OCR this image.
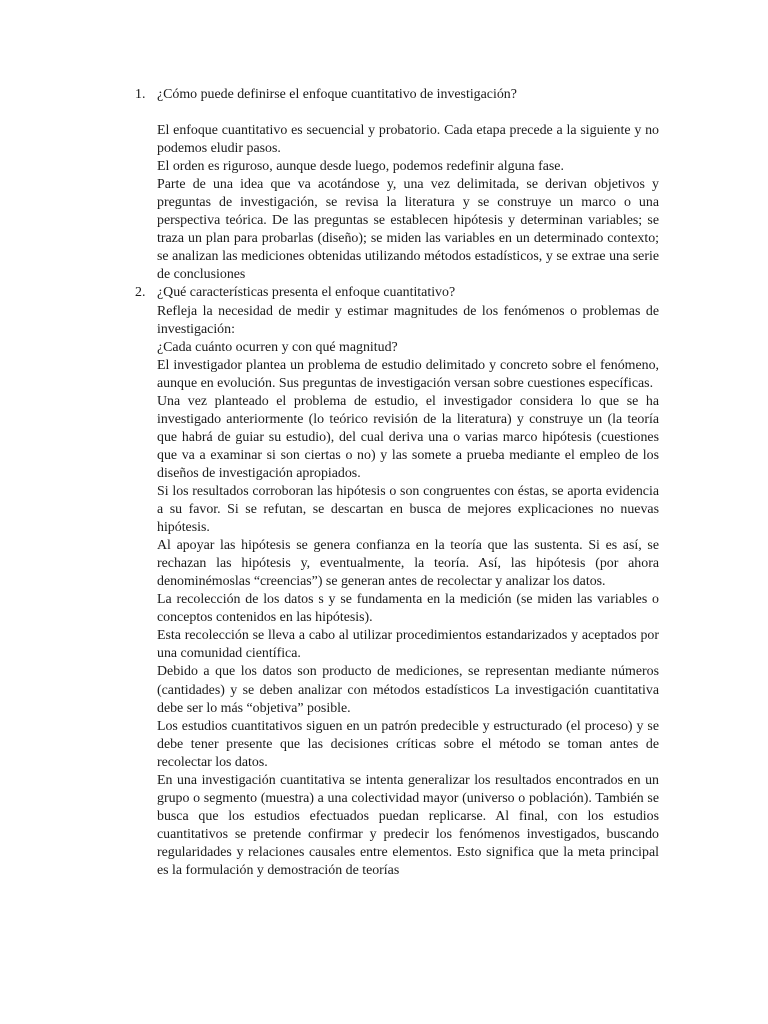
1. ¿Cómo puede definirse el enfoque cuantitativo de investigación?

El enfoque cuantitativo es secuencial y probatorio. Cada etapa precede a la siguiente y no podemos eludir pasos.

El orden es riguroso, aunque desde luego, podemos redefinir alguna fase.

Parte de una idea que va acotándose y, una vez delimitada, se derivan objetivos y preguntas de investigación, se revisa la literatura y se construye un marco o una perspectiva teórica. De las preguntas se establecen hipótesis y determinan variables; se traza un plan para probarlas (diseño); se miden las variables en un determinado contexto; se analizan las mediciones obtenidas utilizando métodos estadísticos, y se extrae una serie de conclusiones

2. ¿Qué características presenta el enfoque cuantitativo?

Refleja la necesidad de medir y estimar magnitudes de los fenómenos o problemas de investigación:

¿Cada cuánto ocurren y con qué magnitud?

El investigador plantea un problema de estudio delimitado y concreto sobre el fenómeno, aunque en evolución. Sus preguntas de investigación versan sobre cuestiones específicas.

Una vez planteado el problema de estudio, el investigador considera lo que se ha investigado anteriormente (lo teórico revisión de la literatura) y construye un (la teoría que habrá de guiar su estudio), del cual deriva una o varias marco hipótesis (cuestiones que va a examinar si son ciertas o no) y las somete a prueba mediante el empleo de los diseños de investigación apropiados.

Si los resultados corroboran las hipótesis o son congruentes con éstas, se aporta evidencia a su favor. Si se refutan, se descartan en busca de mejores explicaciones no nuevas hipótesis.

Al apoyar las hipótesis se genera confianza en la teoría que las sustenta. Si es así, se rechazan las hipótesis y, eventualmente, la teoría. Así, las hipótesis (por ahora denominémoslas “creencias”) se generan antes de recolectar y analizar los datos.

La recolección de los datos s y se fundamenta en la medición (se miden las variables o conceptos contenidos en las hipótesis).

Esta recolección se lleva a cabo al utilizar procedimientos estandarizados y aceptados por una comunidad científica.

Debido a que los datos son producto de mediciones, se representan mediante números (cantidades) y se deben analizar con métodos estadísticos La investigación cuantitativa debe ser lo más “objetiva” posible.

Los estudios cuantitativos siguen en un patrón predecible y estructurado (el proceso) y se debe tener presente que las decisiones críticas sobre el método se toman antes de recolectar los datos.

En una investigación cuantitativa se intenta generalizar los resultados encontrados en un grupo o segmento (muestra) a una colectividad mayor (universo o población). También se busca que los estudios efectuados puedan replicarse. Al final, con los estudios cuantitativos se pretende confirmar y predecir los fenómenos investigados, buscando regularidades y relaciones causales entre elementos. Esto significa que la meta principal es la formulación y demostración de teorías
